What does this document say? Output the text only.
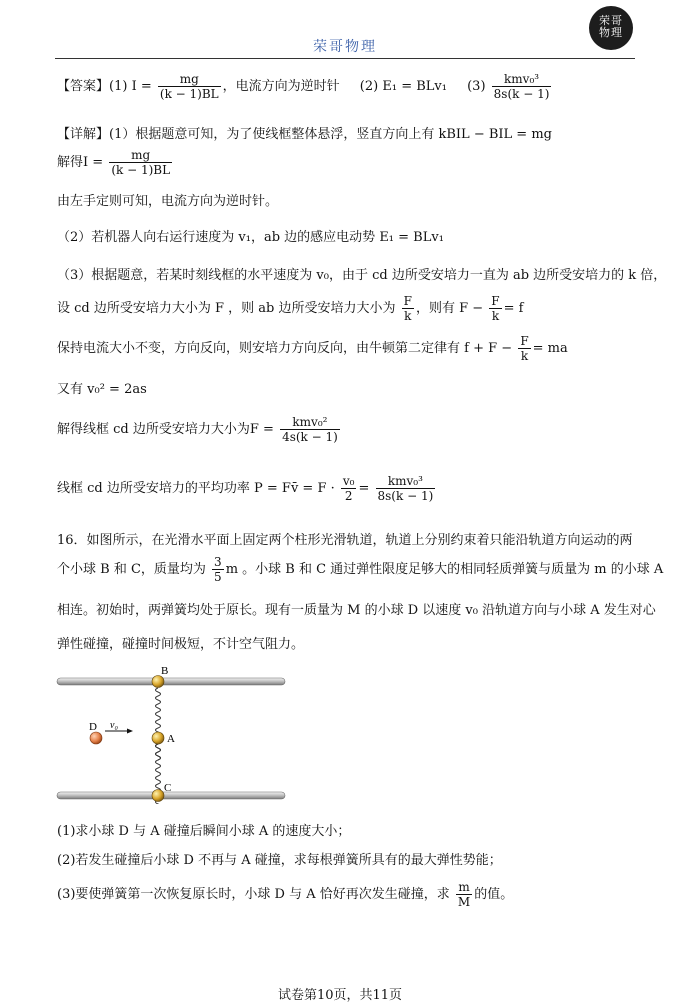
荣哥物理
荣哥物理
【答案】(1) $I = \frac{mg}{(k - 1)BL}$ ，电流方向为逆时针 (2) E₁ = BLv₁ $(3) \frac{\text{kmv₀³}}{8s(k - 1)}$
【详解】(1）根据题意可知，为了使线框整体悬浮，竖直方向上有 kBIL − BIL = mg
解得$I = \frac{mg}{(k - 1)BL}$
由左手定则可知，电流方向为逆时针。
（2）若机器人向右运行速度为 v₁，ab 边的感应电动势 E₁ = BLv₁
（3）根据题意，若某时刻线框的水平速度为 v₀，由于 cd 边所受安培力一直为 ab 边所受安培力的 k 倍，
设 cd 边所受安培力大小为 F ，则 ab 边所受安培力大小为 $\frac{F}{k}$ ，则有 $F - \frac{F}{k} = f$
保持电流大小不变，方向反向，则安培力方向反向，由牛顿第二定律有 $f + F - \frac{F}{k}$ = ma
又有 v₀² = 2as
解得线框 cd 边所受安培力大小为$F = \frac{\text{kmv₀²}}{4s(k - 1)}$
线框 cd 边所受安培力的平均功率 P = Fv̄ = $F \cdot \frac{\text{v₀}}{2} = \frac{\text{kmv₀³}}{8s(k - 1)}$
16．如图所示，在光滑水平面上固定两个柱形光滑轨道，轨道上分别约束着只能沿轨道方向运动的两
个小球 B 和 C，质量均为 $\frac{3}{5}$ m 。小球 B 和 C 通过弹性限度足够大的相同轻质弹簧与质量为 m 的小球 A
相连。初始时，两弹簧均处于原长。现有一质量为 M 的小球 D 以速度 v₀ 沿轨道方向与小球 A 发生对心
弹性碰撞，碰撞时间极短，不计空气阻力。
B
A
C
D v₀
(1)求小球 D 与 A 碰撞后瞬间小球 A 的速度大小；
(2)若发生碰撞后小球 D 不再与 A 碰撞，求每根弹簧所具有的最大弹性势能；
(3)要使弹簧第一次恢复原长时，小球 D 与 A 恰好再次发生碰撞，求 $\frac{m}{M}$ 的值。
试卷第10页，共11页
